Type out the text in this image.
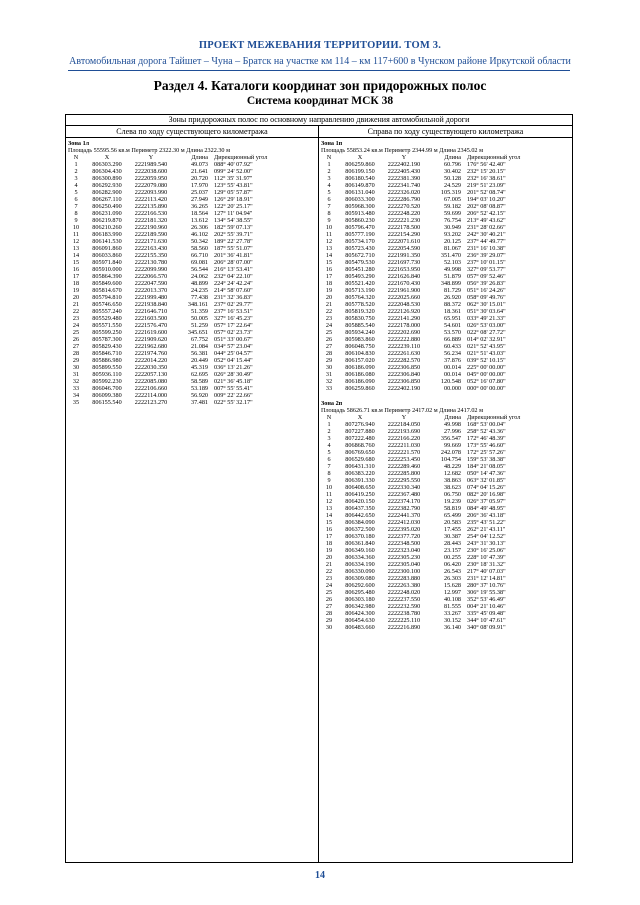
ПРОЕКТ МЕЖЕВАНИЯ ТЕРРИТОРИИ. ТОМ 3.
Автомобильная дорога Тайшет – Чуна – Братск на участке км 114 – км 117+600 в Чунском районе Иркутской области
Раздел 4. Каталоги координат зон придорожных полос
Система координат МСК 38
Зоны придорожных полос по основному направлению движения автомобильной дороги
Слева по ходу существующего километража
Зона 1л
Площадь 55595.56 кв.м Периметр 2322.30 м Длина 2322.30 м
N	X	Y	Длина Дирекционный угол
1	806303.290	2221989.540	49.073 088° 40' 07.92"
2	806304.430	2222038.600	21.641 099° 24' 52.00"
3	806300.890	2222059.950	20.720 112° 35' 31.97"
4	806292.930	2222079.080	17.970 123° 55' 43.81"
5	806282.900	2222093.990	25.037 129° 05' 57.87"
6	806267.110	2222113.420	27.949 126° 29' 18.91"
7	806250.490	2222135.890	36.265 122° 20' 25.17"
8	806231.090	2222166.530	18.564 127° 11' 04.94"
9	806219.870	2222181.320	13.612 134° 54' 38.55"
10	806210.260	2222190.960	26.306 182° 59' 07.13"
11	806183.990	2222189.590	46.102 202° 55' 39.71"
12	806141.530	2222171.630	50.342 189° 22' 27.78"
13	806091.860	2222163.430	58.560 187° 55' 51.07"
14	806033.860	2222155.350	66.710 201° 36' 41.81"
15	805971.840	2222130.780	69.081 206° 28' 07.00"
16	805910.000	2222099.990	56.544 216° 13' 53.41"
17	805864.390	2222066.570	24.062 232° 04' 22.10"
18	805849.600	2222047.590	48.899 224° 24' 42.24"
19	805814.670	2222013.370	24.235 214° 58' 07.60"
20	805794.810	2221999.480	77.438 231° 32' 36.83"
21	805746.650	2221938.840	348.161 237° 02' 29.77"
22	805557.240	2221646.710	51.359 237° 16' 53.51"
23	805529.480	2221603.500	50.005 327° 16' 45.23"
24	805571.550	2221576.470	51.259 057° 17' 22.64"
25	805599.250	2221619.600	345.651 057° 02' 23.73"
26	805787.300	2221909.620	67.752 051° 33' 00.67"
27	805829.430	2221962.680	21.084 034° 57' 23.04"
28	805846.710	2221974.760	56.381 044° 25' 04.57"
29	805886.980	2222014.220	20.449 052° 04' 15.44"
30	805899.550	2222030.350	45.319 036° 13' 21.26"
31	805936.110	2222057.130	62.695 026° 28' 30.49"
32	805992.230	2222085.080	58.589 021° 36' 45.18"
33	806046.700	2222106.660	53.189 007° 55' 55.41"
34	806099.380	2222114.000	56.920 009° 22' 22.66"
35	806155.540	2222123.270	37.481 022° 55' 32.17"
Справа по ходу существующего километража
Зона 1п
Площадь 55853.24 кв.м Периметр 2344.99 м Длина 2345.02 м
N	X	Y	Длина Дирекционный угол
1	806259.860	2222402.190	60.796 176° 56' 42.40"
2	806199.150	2222405.430	30.402 232° 15' 20.15"
3	806180.540	2222381.390	50.128 232° 16' 38.61"
4	806149.870	2222341.740	24.529 219° 51' 23.09"
5	806131.040	2222326.020	105.319 201° 52' 08.74"
6	806033.300	2222286.790	67.005 194° 03' 10.20"
7	805968.300	2222270.520	59.182 202° 08' 08.87"
8	805913.480	2222248.220	59.699 206° 52' 42.15"
9	805860.230	2222221.230	76.754 213° 49' 43.62"
10	805796.470	2222178.500	30.949 231° 28' 02.66"
11	805777.190	2222154.290	93.202 242° 30' 40.21"
12	805734.170	2222071.610	20.125 237° 44' 49.77"
13	805723.430	2222054.590	81.067 231° 16' 10.38"
14	805672.710	2221991.350	351.470 236° 39' 29.07"
15	805479.530	2221697.730	52.103 237° 10' 01.15"
16	805451.280	2221653.950	49.998 327° 09' 53.77"
17	805493.290	2221626.840	51.879 057° 09' 52.46"
18	805521.420	2221670.430	348.899 056° 39' 26.83"
19	805713.190	2221961.900	81.729 051° 16' 24.26"
20	805764.320	2222025.660	26.920 058° 09' 49.76"
21	805778.520	2222048.530	88.372 062° 30' 15.01"
22	805819.320	2222126.920	18.361 051° 30' 03.64"
23	805830.750	2222141.290	65.951 033° 49' 21.33"
24	805885.540	2222178.000	54.601 026° 53' 03.00"
25	805934.240	2222202.690	53.570 022° 08' 27.72"
26	805983.860	2222222.880	66.889 014° 02' 32.91"
27	806048.750	2222239.110	60.433 021° 52' 43.95"
28	806104.830	2222261.630	56.234 021° 51' 43.03"
29	806157.020	2222282.570	37.876 039° 52' 10.15"
30	806186.090	2222306.850	00.014 225° 00' 00.00"
31	806186.080	2222306.840	00.014 045° 00' 00.00"
32	806186.090	2222306.850	120.548 052° 16' 07.80"
33	806259.860	2222402.190	00.000 000° 00' 00.00"
Зона 2п
Площадь 58626.71 кв.м Периметр 2417.02 м Длина 2417.02 м
N	X	Y	Длина Дирекционный угол
1	807276.940	2222184.050	49.998 168° 53' 00.04"
2	807227.880	2222193.690	27.996 258° 52' 43.36"
3	807222.480	2222166.220	356.547 172° 46' 48.39"
4	806868.760	2222211.030	99.669 173° 55' 46.60"
5	806769.650	2222221.570	242.078 172° 25' 57.26"
6	806529.680	2222253.450	104.754 159° 53' 38.38"
7	806431.310	2222289.460	48.229 184° 21' 08.05"
8	806383.220	2222285.800	12.682 050° 14' 47.36"
9	806391.330	2222295.550	38.863 063° 32' 01.85"
10	806408.650	2222330.340	38.623 074° 04' 15.26"
11	806419.250	2222367.480	06.750 082° 20' 16.98"
12	806420.150	2222374.170	19.239 026° 37' 05.97"
13	806437.350	2222382.790	58.819 084° 49' 48.95"
14	806442.650	2222441.370	65.499 206° 36' 43.18"
15	806384.090	2222412.030	20.583 235° 43' 51.22"
16	806372.500	2222395.020	17.455 262° 21' 43.11"
17	806370.180	2222377.720	30.387 254° 04' 12.52"
18	806361.840	2222348.500	28.443 243° 31' 30.13"
19	806349.160	2222323.040	23.157 230° 16' 25.06"
20	806334.360	2222305.230	00.255 228° 10' 47.39"
21	806334.190	2222305.040	06.420 230° 18' 31.32"
22	806330.090	2222300.100	26.543 217° 40' 07.03"
23	806309.080	2222283.880	26.303 231° 12' 14.81"
24	806292.600	2222263.380	15.628 280° 37' 10.76"
25	806295.480	2222248.020	12.997 306° 19' 55.38"
26	806303.180	2222237.550	40.108 352° 53' 46.49"
27	806342.980	2222232.590	81.555 004° 21' 10.46"
28	806424.300	2222238.780	33.267 335° 45' 09.48"
29	806454.630	2222225.110	30.152 344° 10' 47.61"
30	806483.660	2222216.890	36.140 340° 08' 09.91"
14
